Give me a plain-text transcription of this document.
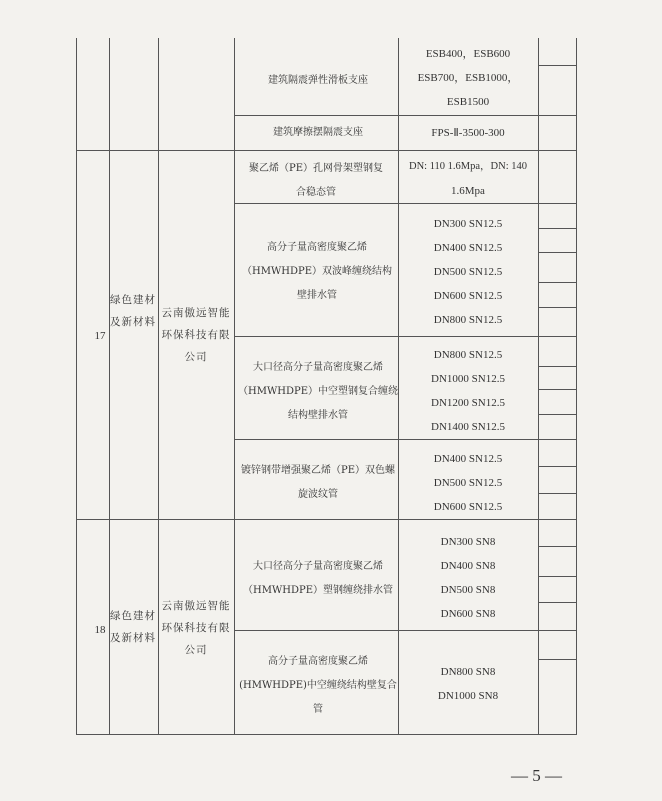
17
绿色建材及新材料
云南傲远智能环保科技有限公司
18
绿色建材及新材料
云南傲远智能环保科技有限公司
建筑隔震弹性滑板支座
建筑摩擦摆隔震支座
聚乙烯（PE）孔网骨架塑钢复合稳态管
高分子量高密度聚乙烯（HMWHDPE）双波峰缠绕结构壁排水管
大口径高分子量高密度聚乙烯（HMWHDPE）中空塑钢复合缠绕结构壁排水管
镀锌钢带增强聚乙烯（PE）双色螺旋波纹管
大口径高分子量高密度聚乙烯（HMWHDPE）塑钢缠绕排水管
高分子量高密度聚乙烯(HMWHDPE)中空缠绕结构壁复合管
ESB400，ESB600
ESB700，ESB1000，
ESB1500
FPS-Ⅱ-3500-300
DN: 110 1.6Mpa，DN: 140
1.6Mpa
DN300 SN12.5
DN400 SN12.5
DN500 SN12.5
DN600 SN12.5
DN800 SN12.5
DN800 SN12.5
DN1000 SN12.5
DN1200 SN12.5
DN1400 SN12.5
DN400 SN12.5
DN500 SN12.5
DN600 SN12.5
DN300 SN8
DN400 SN8
DN500 SN8
DN600 SN8
DN800 SN8
DN1000 SN8
— 5 —
